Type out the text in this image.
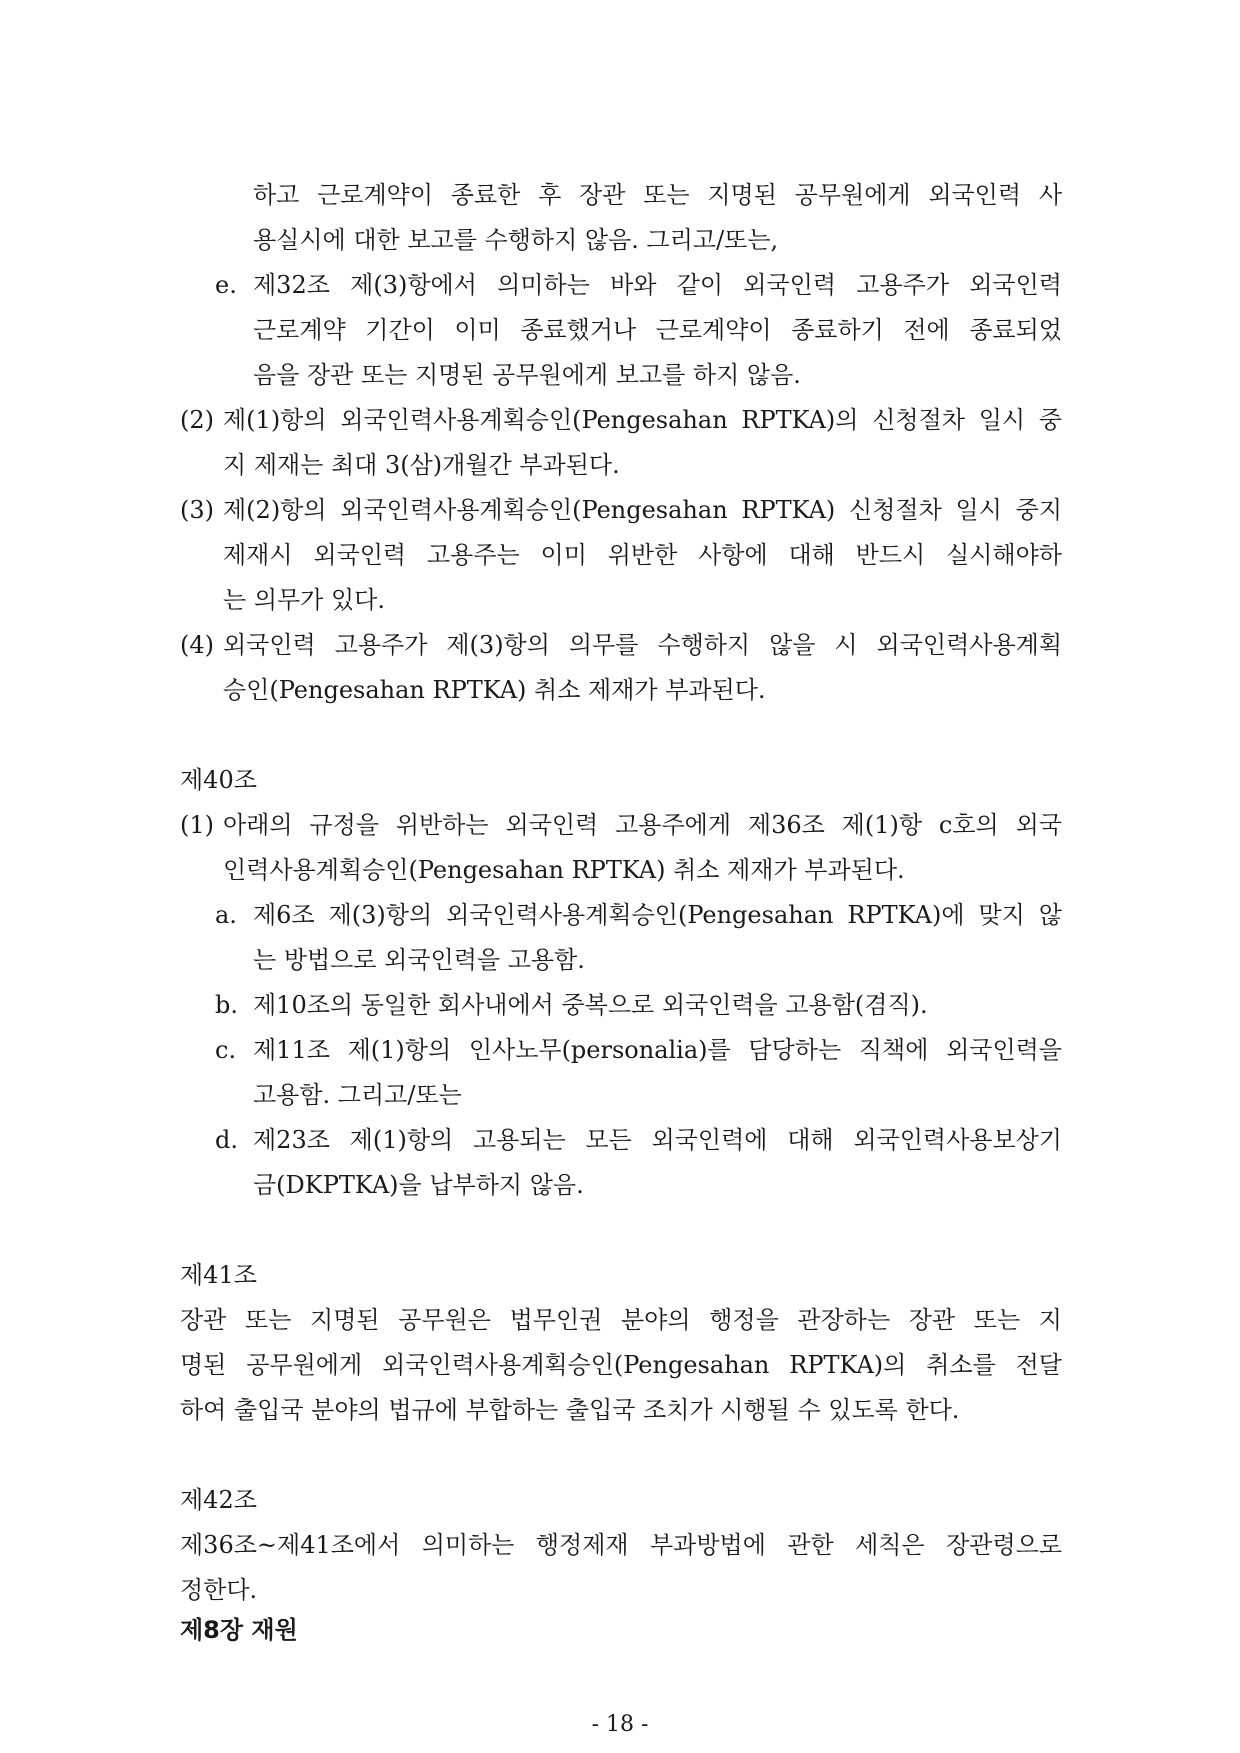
하고 근로계약이 종료한 후 장관 또는 지명된 공무원에게 외국인력 사
용실시에 대한 보고를 수행하지 않음. 그리고/또는,
e. 제32조 제(3)항에서 의미하는 바와 같이 외국인력 고용주가 외국인력
근로계약 기간이 이미 종료했거나 근로계약이 종료하기 전에 종료되었
음을 장관 또는 지명된 공무원에게 보고를 하지 않음.
(2) 제(1)항의 외국인력사용계획승인(Pengesahan RPTKA)의 신청절차 일시 중
지 제재는 최대 3(삼)개월간 부과된다.
(3) 제(2)항의 외국인력사용계획승인(Pengesahan RPTKA) 신청절차 일시 중지
제재시 외국인력 고용주는 이미 위반한 사항에 대해 반드시 실시해야하
는 의무가 있다.
(4) 외국인력 고용주가 제(3)항의 의무를 수행하지 않을 시 외국인력사용계획
승인(Pengesahan RPTKA) 취소 제재가 부과된다.
제40조
(1) 아래의 규정을 위반하는 외국인력 고용주에게 제36조 제(1)항 c호의 외국
인력사용계획승인(Pengesahan RPTKA) 취소 제재가 부과된다.
a. 제6조 제(3)항의 외국인력사용계획승인(Pengesahan RPTKA)에 맞지 않
는 방법으로 외국인력을 고용함.
b. 제10조의 동일한 회사내에서 중복으로 외국인력을 고용함(겸직).
c. 제11조 제(1)항의 인사노무(personalia)를 담당하는 직책에 외국인력을
고용함. 그리고/또는
d. 제23조 제(1)항의 고용되는 모든 외국인력에 대해 외국인력사용보상기
금(DKPTKA)을 납부하지 않음.
제41조
장관 또는 지명된 공무원은 법무인권 분야의 행정을 관장하는 장관 또는 지
명된 공무원에게 외국인력사용계획승인(Pengesahan RPTKA)의 취소를 전달
하여 출입국 분야의 법규에 부합하는 출입국 조치가 시행될 수 있도록 한다.
제42조
제36조~제41조에서 의미하는 행정제재 부과방법에 관한 세칙은 장관령으로
정한다.
제8장 재원
- 18 -
